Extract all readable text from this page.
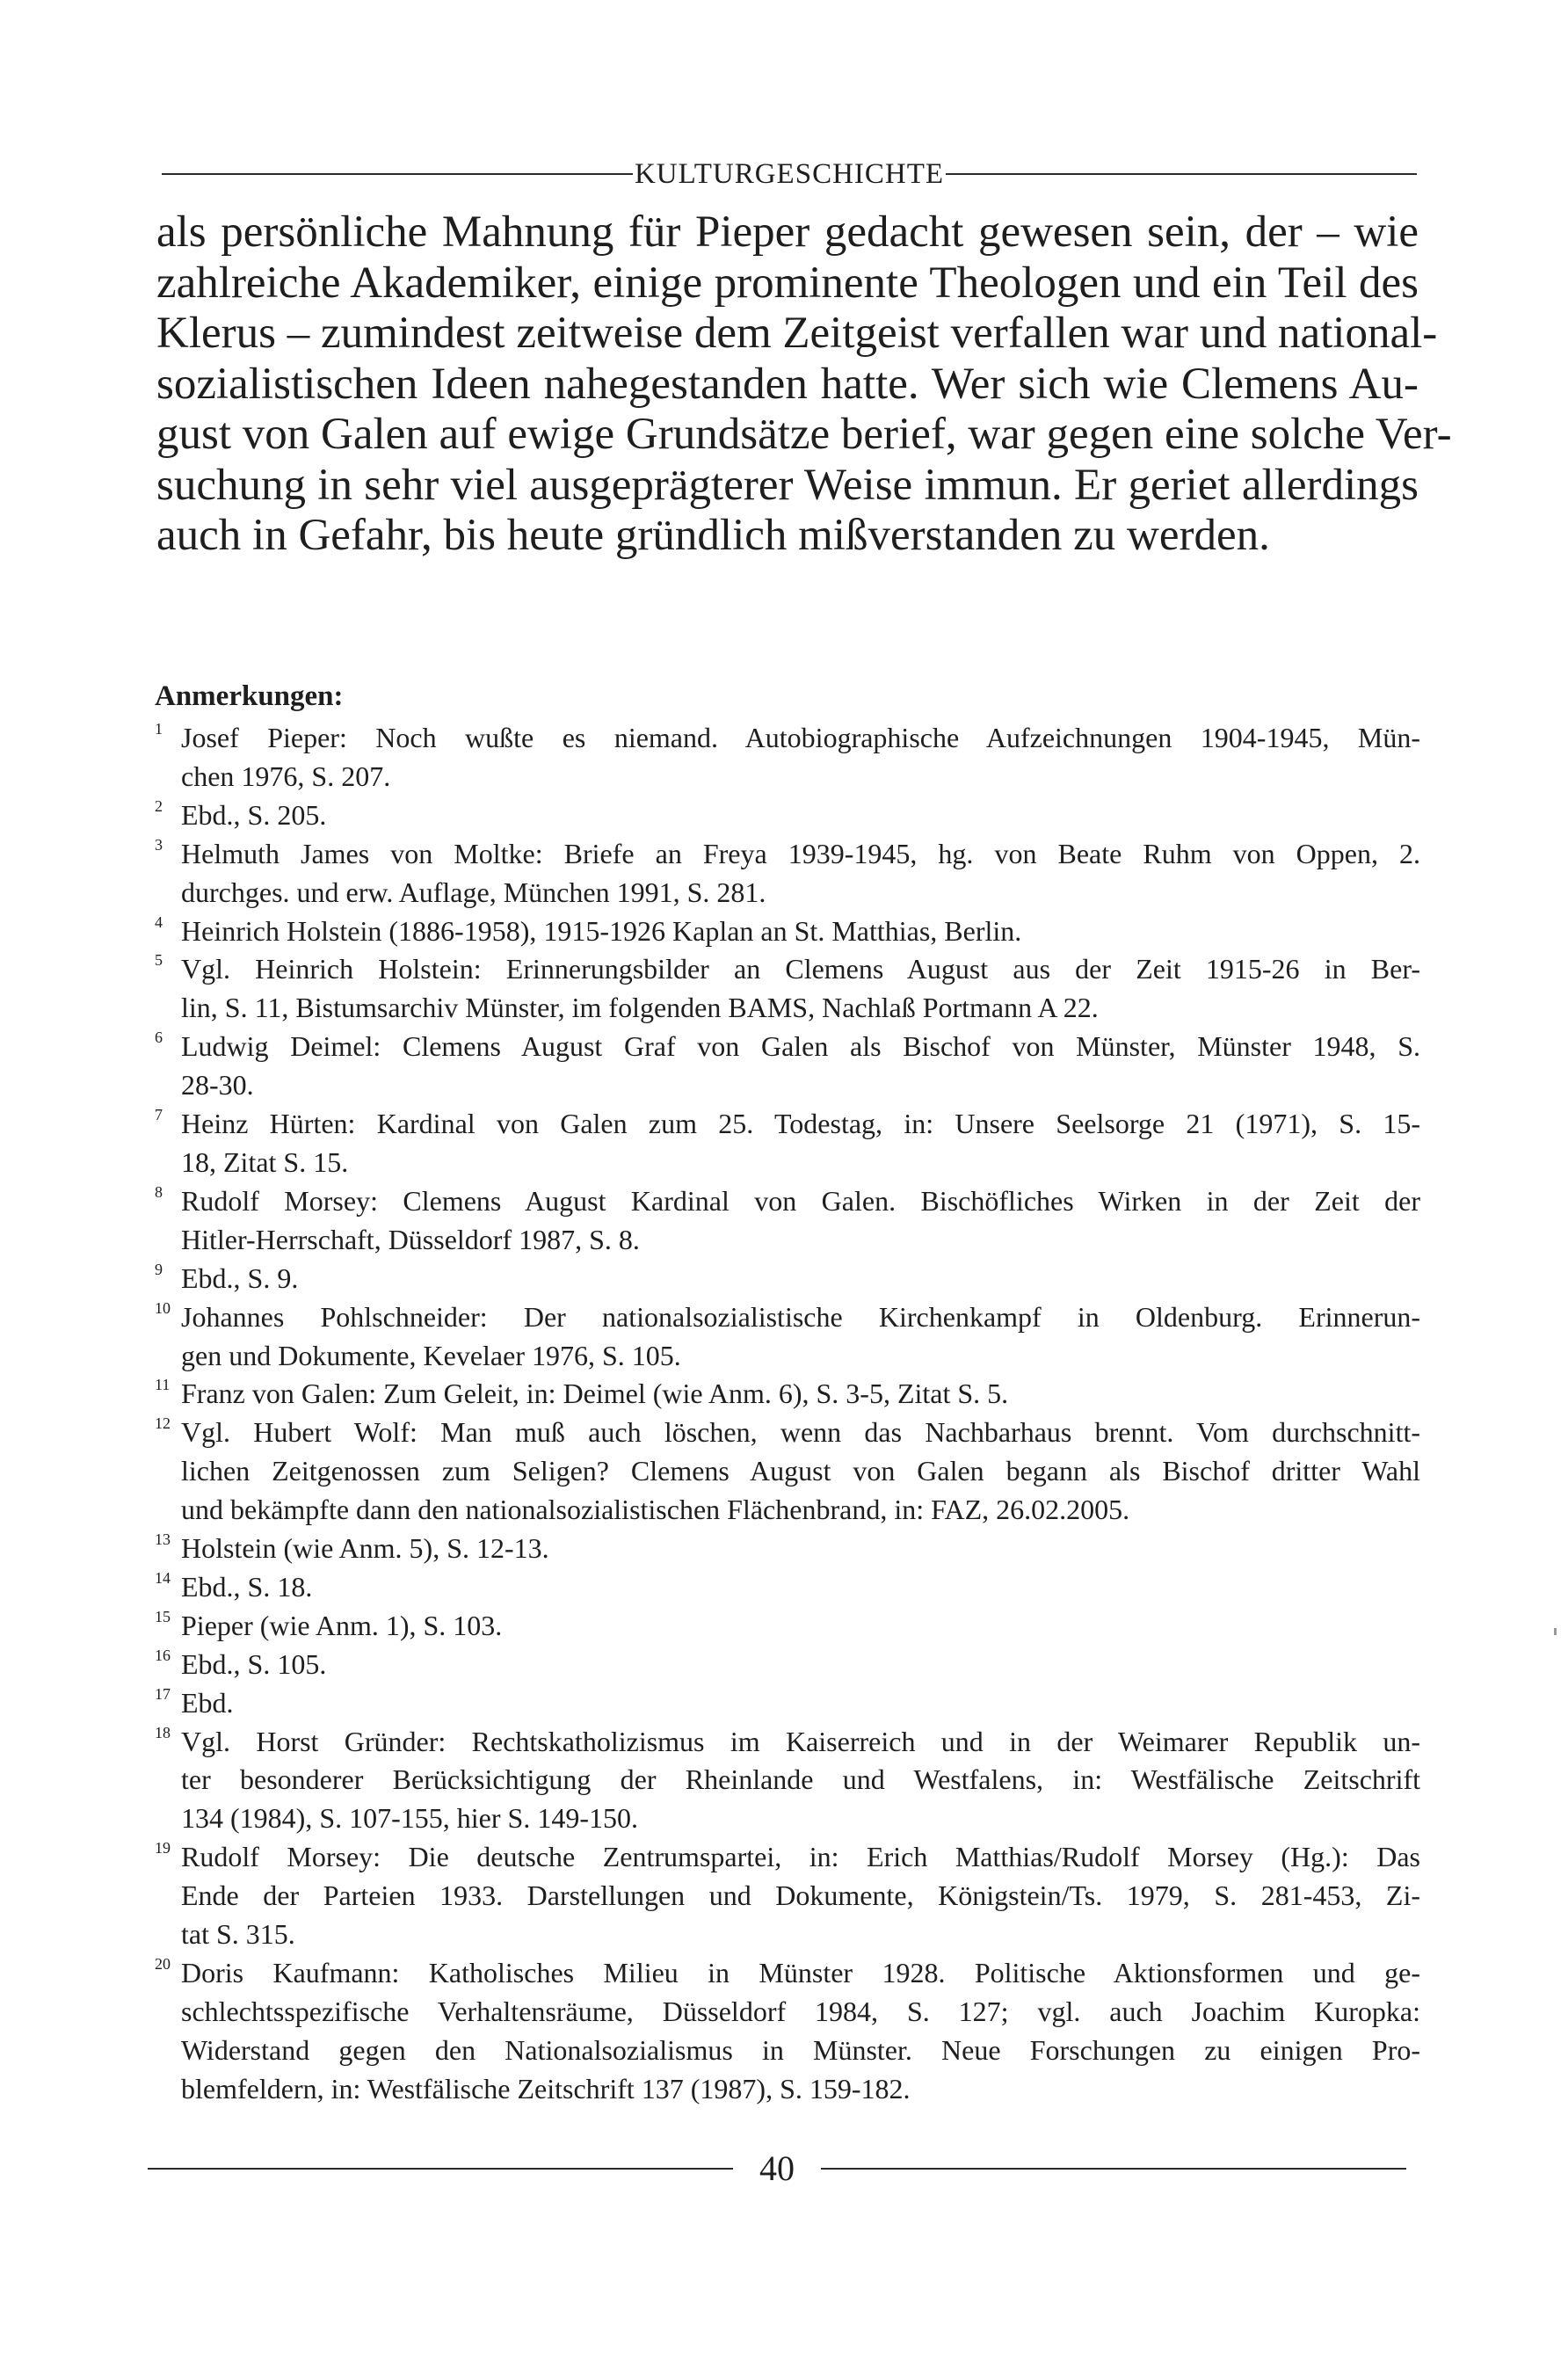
KULTURGESCHICHTE
als persönliche Mahnung für Pieper gedacht gewesen sein, der – wie
zahlreiche Akademiker, einige prominente Theologen und ein Teil des
Klerus – zumindest zeitweise dem Zeitgeist verfallen war und national-
sozialistischen Ideen nahegestanden hatte. Wer sich wie Clemens Au-
gust von Galen auf ewige Grundsätze berief, war gegen eine solche Ver-
suchung in sehr viel ausgeprägterer Weise immun. Er geriet allerdings
auch in Gefahr, bis heute gründlich mißverstanden zu werden.
Anmerkungen:
1 Josef Pieper: Noch wußte es niemand. Autobiographische Aufzeichnungen 1904-1945, Mün-
chen 1976, S. 207.
2 Ebd., S. 205.
3 Helmuth James von Moltke: Briefe an Freya 1939-1945, hg. von Beate Ruhm von Oppen, 2.
durchges. und erw. Auflage, München 1991, S. 281.
4 Heinrich Holstein (1886-1958), 1915-1926 Kaplan an St. Matthias, Berlin.
5 Vgl. Heinrich Holstein: Erinnerungsbilder an Clemens August aus der Zeit 1915-26 in Ber-
lin, S. 11, Bistumsarchiv Münster, im folgenden BAMS, Nachlaß Portmann A 22.
6 Ludwig Deimel: Clemens August Graf von Galen als Bischof von Münster, Münster 1948, S.
28-30.
7 Heinz Hürten: Kardinal von Galen zum 25. Todestag, in: Unsere Seelsorge 21 (1971), S. 15-
18, Zitat S. 15.
8 Rudolf Morsey: Clemens August Kardinal von Galen. Bischöfliches Wirken in der Zeit der
Hitler-Herrschaft, Düsseldorf 1987, S. 8.
9 Ebd., S. 9.
10 Johannes Pohlschneider: Der nationalsozialistische Kirchenkampf in Oldenburg. Erinnerun-
gen und Dokumente, Kevelaer 1976, S. 105.
11 Franz von Galen: Zum Geleit, in: Deimel (wie Anm. 6), S. 3-5, Zitat S. 5.
12 Vgl. Hubert Wolf: Man muß auch löschen, wenn das Nachbarhaus brennt. Vom durchschnitt-
lichen Zeitgenossen zum Seligen? Clemens August von Galen begann als Bischof dritter Wahl
und bekämpfte dann den nationalsozialistischen Flächenbrand, in: FAZ, 26.02.2005.
13 Holstein (wie Anm. 5), S. 12-13.
14 Ebd., S. 18.
15 Pieper (wie Anm. 1), S. 103.
16 Ebd., S. 105.
17 Ebd.
18 Vgl. Horst Gründer: Rechtskatholizismus im Kaiserreich und in der Weimarer Republik un-
ter besonderer Berücksichtigung der Rheinlande und Westfalens, in: Westfälische Zeitschrift
134 (1984), S. 107-155, hier S. 149-150.
19 Rudolf Morsey: Die deutsche Zentrumspartei, in: Erich Matthias/Rudolf Morsey (Hg.): Das
Ende der Parteien 1933. Darstellungen und Dokumente, Königstein/Ts. 1979, S. 281-453, Zi-
tat S. 315.
20 Doris Kaufmann: Katholisches Milieu in Münster 1928. Politische Aktionsformen und ge-
schlechtsspezifische Verhaltensräume, Düsseldorf 1984, S. 127; vgl. auch Joachim Kuropka:
Widerstand gegen den Nationalsozialismus in Münster. Neue Forschungen zu einigen Pro-
blemfeldern, in: Westfälische Zeitschrift 137 (1987), S. 159-182.
40
